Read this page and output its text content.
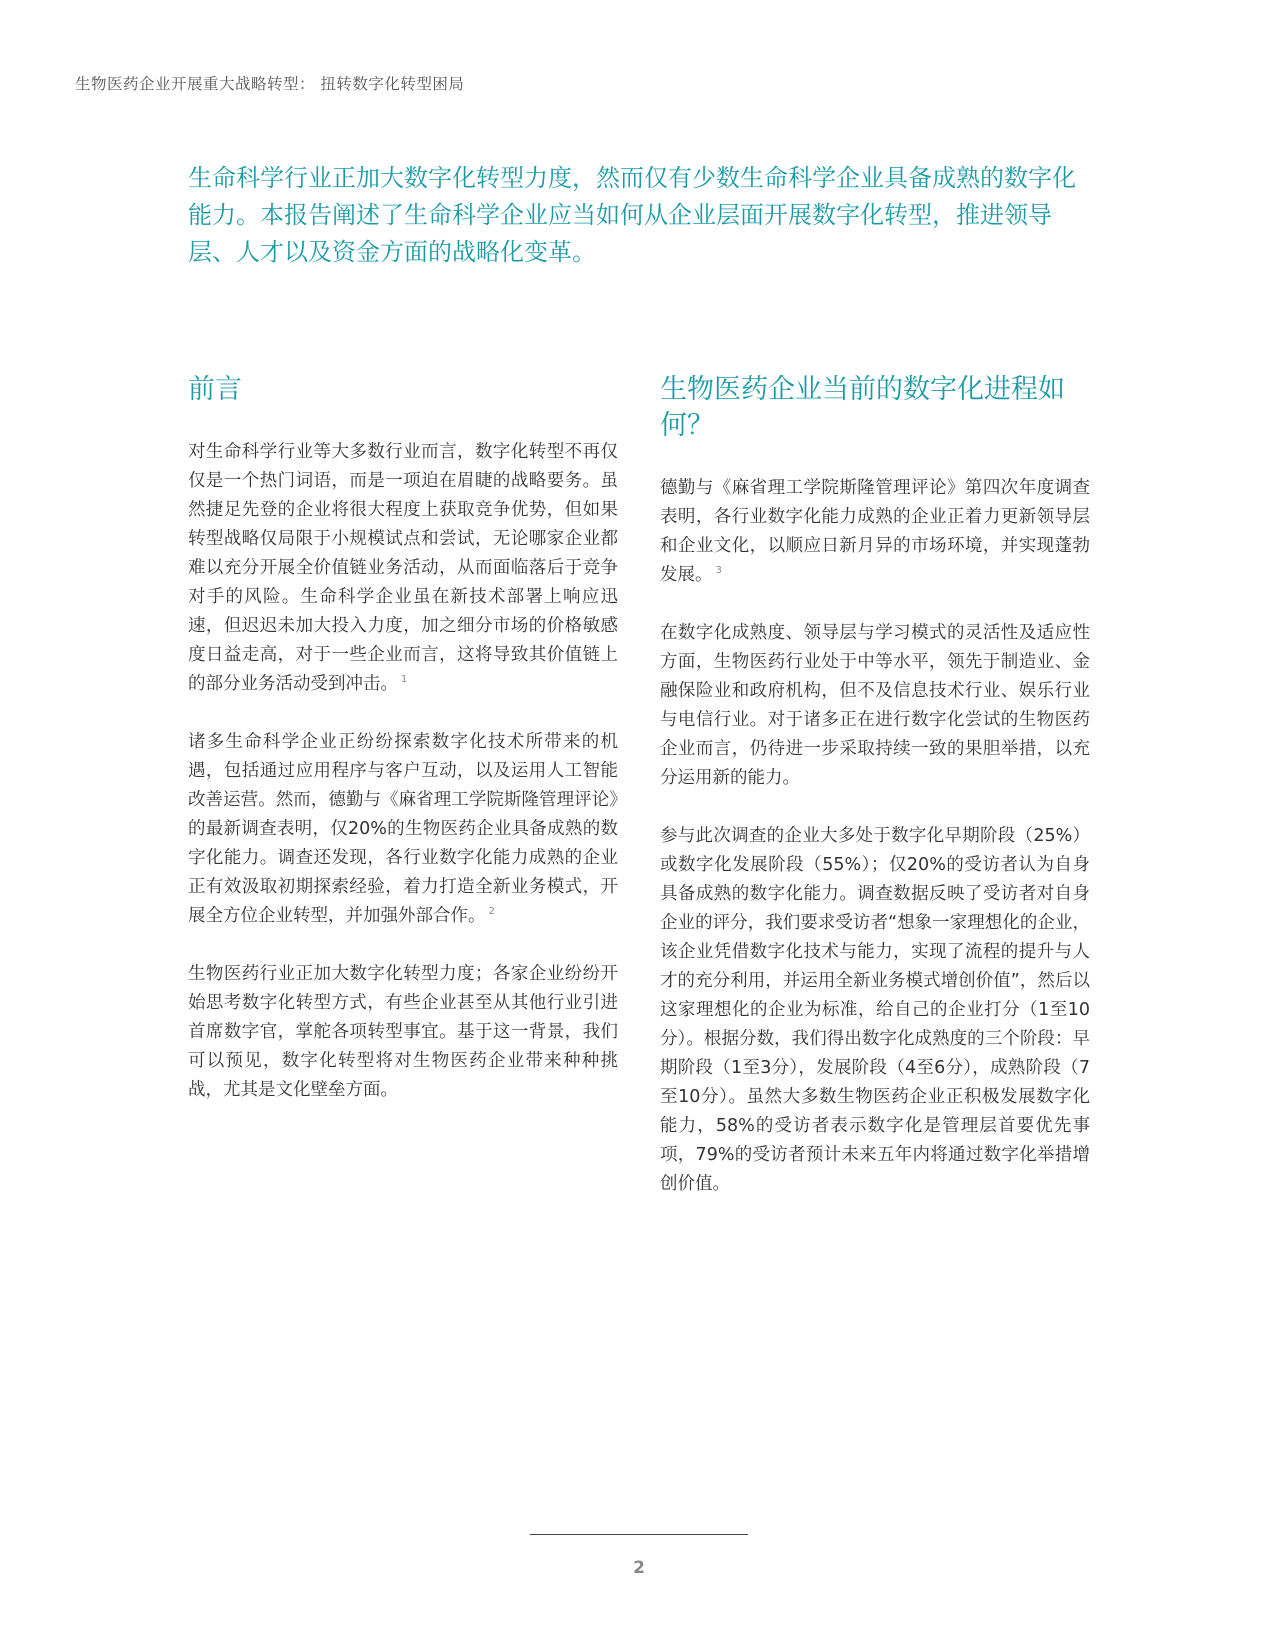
生物医药企业开展重大战略转型： 扭转数字化转型困局

生命科学行业正加大数字化转型力度，然而仅有少数生命科学企业具备成熟的数字化能力。本报告阐述了生命科学企业应当如何从企业层面开展数字化转型，推进领导层、人才以及资金方面的战略化变革。

前言

对生命科学行业等大多数行业而言，数字化转型不再仅仅是一个热门词语，而是一项迫在眉睫的战略要务。虽然捷足先登的企业将很大程度上获取竞争优势，但如果转型战略仅局限于小规模试点和尝试，无论哪家企业都难以充分开展全价值链业务活动，从而面临落后于竞争对手的风险。生命科学企业虽在新技术部署上响应迅速，但迟迟未加大投入力度，加之细分市场的价格敏感度日益走高，对于一些企业而言，这将导致其价值链上的部分业务活动受到冲击。 $^1$

诸多生命科学企业正纷纷探索数字化技术所带来的机遇，包括通过应用程序与客户互动，以及运用人工智能改善运营。然而，德勤与《麻省理工学院斯隆管理评论》的最新调查表明，仅20%的生物医药企业具备成熟的数字化能力。调查还发现，各行业数字化能力成熟的企业正有效汲取初期探索经验，着力打造全新业务模式，开展全方位企业转型，并加强外部合作。 $^2$

生物医药行业正加大数字化转型力度；各家企业纷纷开始思考数字化转型方式，有些企业甚至从其他行业引进首席数字官，掌舵各项转型事宜。基于这一背景，我们可以预见，数字化转型将对生物医药企业带来种种挑战，尤其是文化壁垒方面。

生物医药企业当前的数字化进程如何？

德勤与《麻省理工学院斯隆管理评论》第四次年度调查表明，各行业数字化能力成熟的企业正着力更新领导层和企业文化，以顺应日新月异的市场环境，并实现蓬勃发展。 $^3$

在数字化成熟度、领导层与学习模式的灵活性及适应性方面，生物医药行业处于中等水平，领先于制造业、金融保险业和政府机构，但不及信息技术行业、娱乐行业与电信行业。对于诸多正在进行数字化尝试的生物医药企业而言，仍待进一步采取持续一致的果胆举措，以充分运用新的能力。

参与此次调查的企业大多处于数字化早期阶段（25%）或数字化发展阶段（55%）；仅20%的受访者认为自身具备成熟的数字化能力。调查数据反映了受访者对自身企业的评分，我们要求受访者“想象一家理想化的企业，该企业凭借数字化技术与能力，实现了流程的提升与人才的充分利用，并运用全新业务模式增创价值”，然后以这家理想化的企业为标准，给自己的企业打分（1至10分）。根据分数，我们得出数字化成熟度的三个阶段：早期阶段（1至3分），发展阶段（4至6分），成熟阶段（7至10分）。虽然大多数生物医药企业正积极发展数字化能力，58%的受访者表示数字化是管理层首要优先事项，79%的受访者预计未来五年内将通过数字化举措增创价值。

2
